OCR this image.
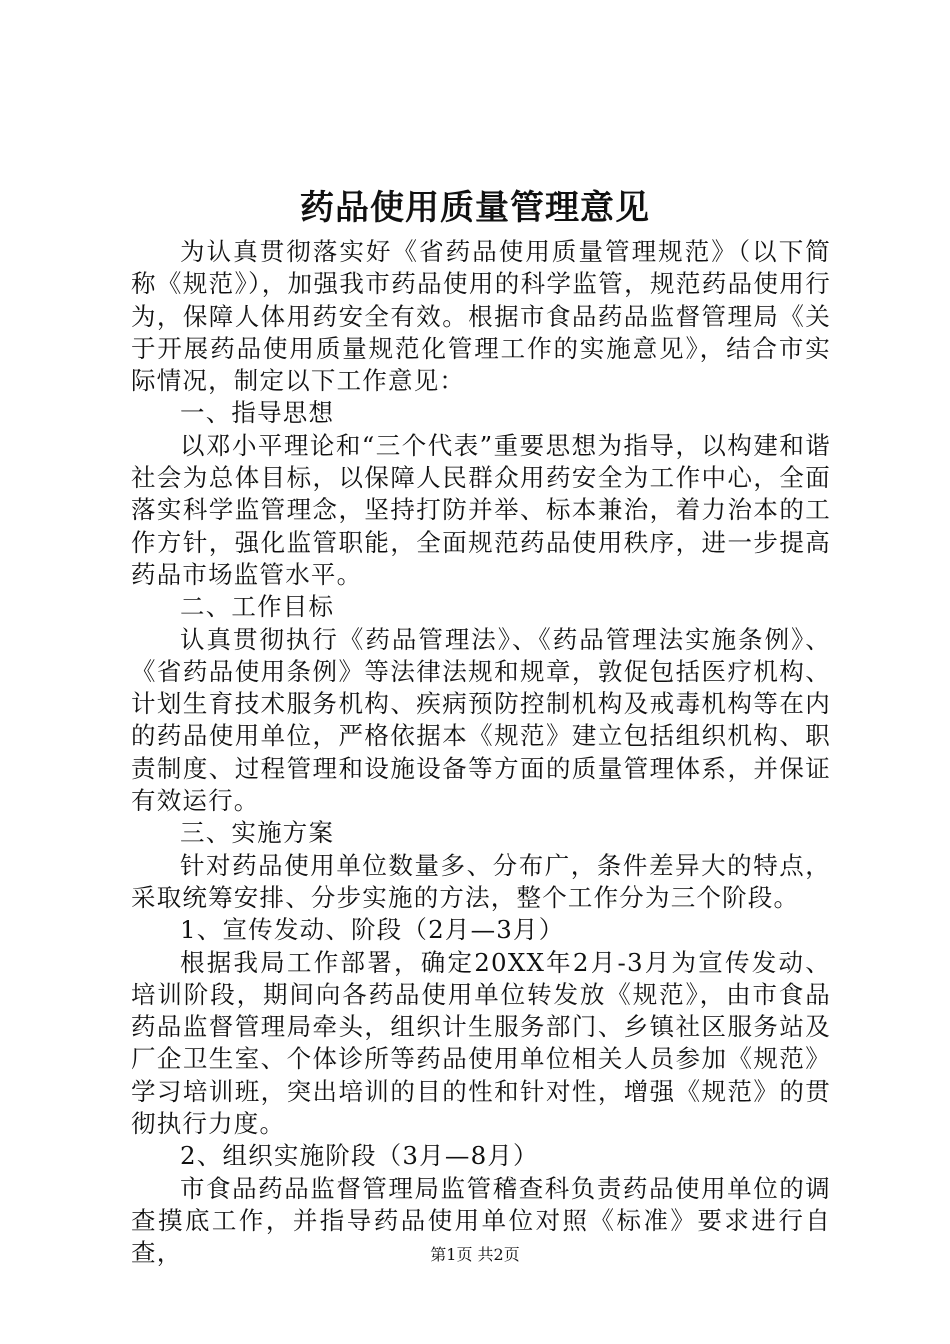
药品使用质量管理意见

为认真贯彻落实好《省药品使用质量管理规范》（以下简称《规范》），加强我市药品使用的科学监管，规范药品使用行为，保障人体用药安全有效。根据市食品药品监督管理局《关于开展药品使用质量规范化管理工作的实施意见》，结合市实际情况，制定以下工作意见：

一、指导思想

以邓小平理论和“三个代表”重要思想为指导，以构建和谐社会为总体目标，以保障人民群众用药安全为工作中心，全面落实科学监管理念，坚持打防并举、标本兼治，着力治本的工作方针，强化监管职能，全面规范药品使用秩序，进一步提高药品市场监管水平。

二、工作目标

认真贯彻执行《药品管理法》、《药品管理法实施条例》、《省药品使用条例》等法律法规和规章，敦促包括医疗机构、计划生育技术服务机构、疾病预防控制机构及戒毒机构等在内的药品使用单位，严格依据本《规范》建立包括组织机构、职责制度、过程管理和设施设备等方面的质量管理体系，并保证有效运行。

三、实施方案

针对药品使用单位数量多、分布广，条件差异大的特点，采取统筹安排、分步实施的方法，整个工作分为三个阶段。

1、宣传发动、阶段（2月—3月）

根据我局工作部署，确定20XX年2月-3月为宣传发动、培训阶段，期间向各药品使用单位转发放《规范》，由市食品药品监督管理局牵头，组织计生服务部门、乡镇社区服务站及厂企卫生室、个体诊所等药品使用单位相关人员参加《规范》学习培训班，突出培训的目的性和针对性，增强《规范》的贯彻执行力度。

2、组织实施阶段（3月—8月）

市食品药品监督管理局监管稽查科负责药品使用单位的调查摸底工作，并指导药品使用单位对照《标准》要求进行自查，	第1页 共2页
